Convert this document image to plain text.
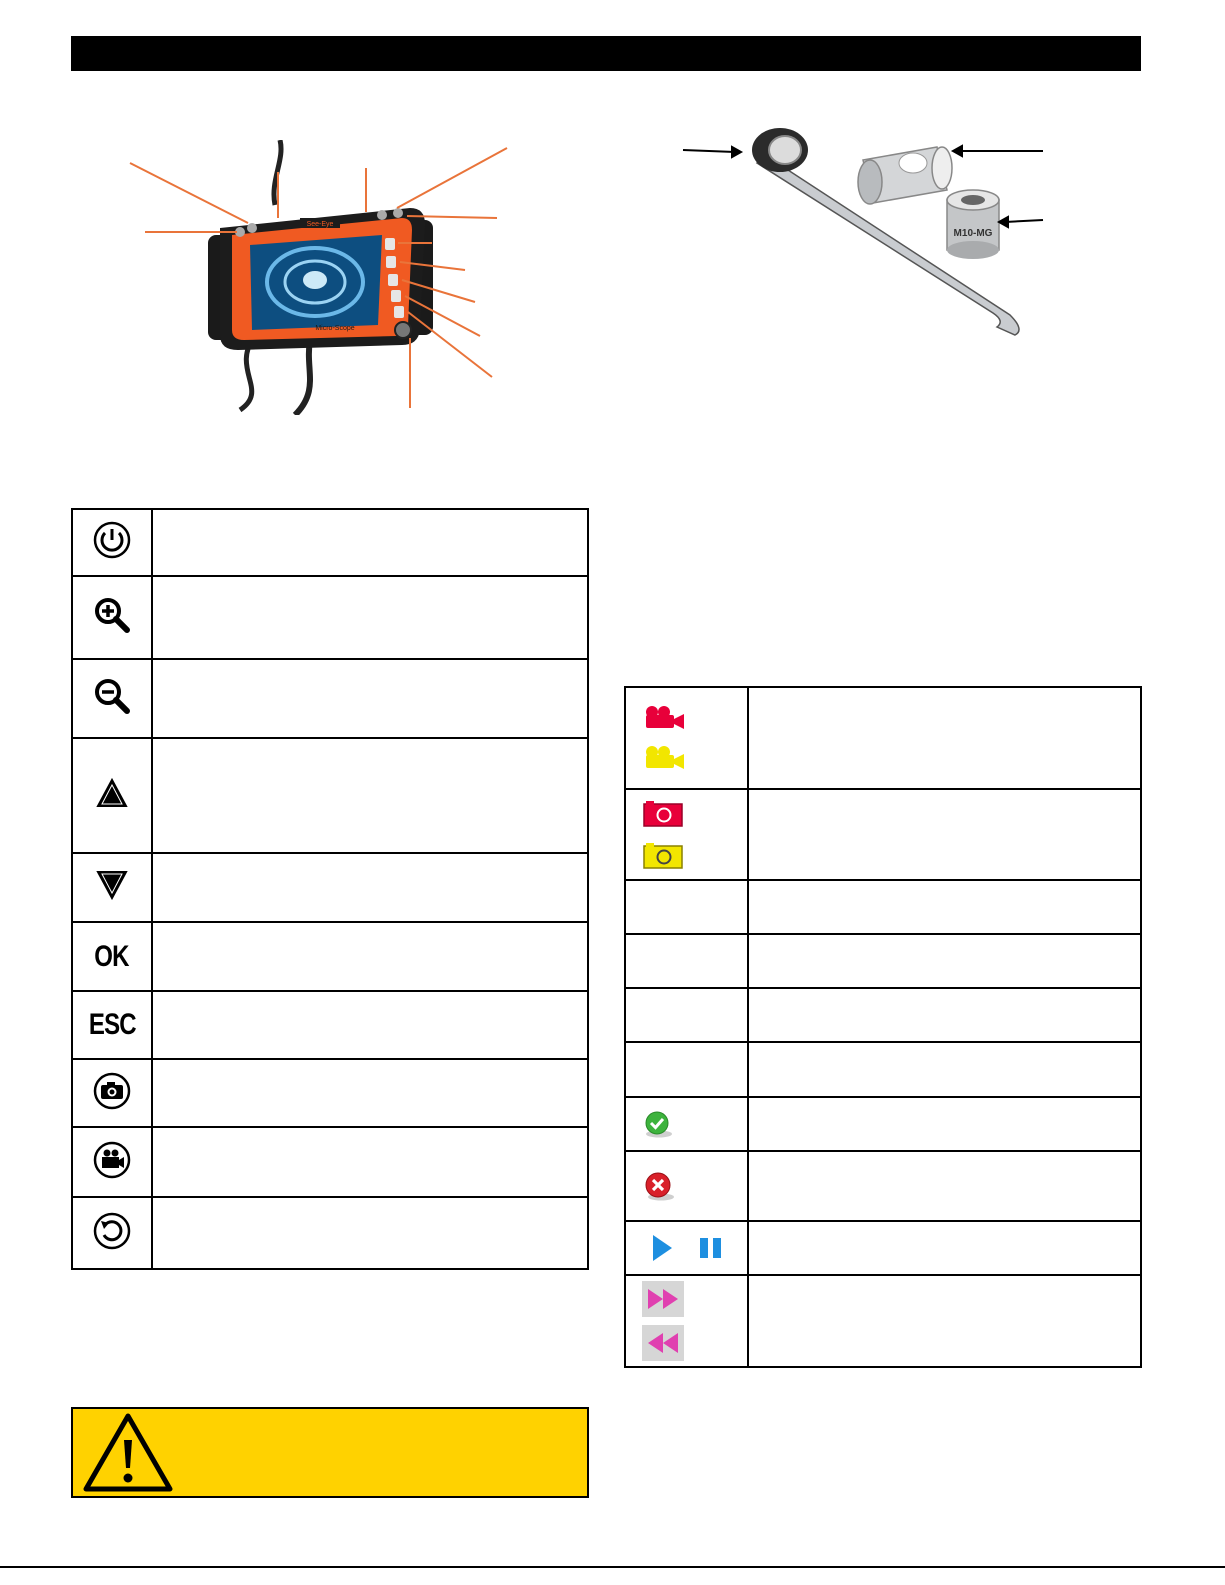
See-Eye
Micro-Scope
M10-MG

OK	
ESC	
